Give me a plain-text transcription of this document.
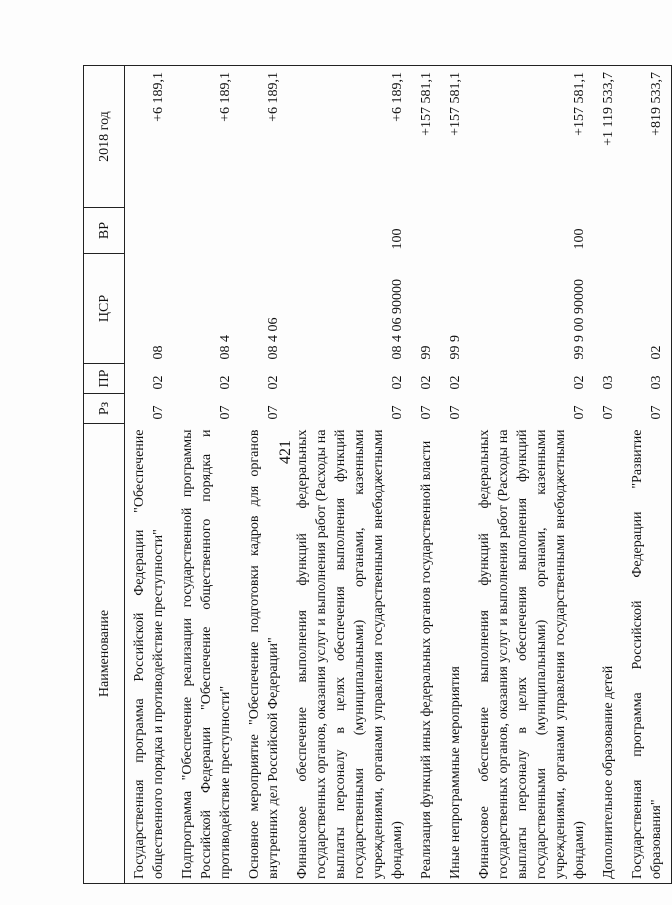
421
Наименование	Рз	ПР	ЦСР	ВР	2018 год
Государственная программа Российской Федерации "Обеспечение общественного порядка и противодействие преступности"	07	02	08		+6 189,1
Подпрограмма "Обеспечение реализации государственной программы Российской Федерации "Обеспечение общественного порядка и противодействие преступности"	07	02	08 4		+6 189,1
Основное мероприятие "Обеспечение подготовки кадров для органов внутренних дел Российской Федерации"	07	02	08 4 06		+6 189,1
Финансовое обеспечение выполнения функций федеральных государственных органов, оказания услуг и выполнения работ (Расходы на выплаты персоналу в целях обеспечения выполнения функций государственными (муниципальными) органами, казенными учреждениями, органами управления государственными внебюджетными фондами)	07	02	08 4 06 90000	100	+6 189,1
Реализация функций иных федеральных органов государственной власти	07	02	99		+157 581,1
Иные непрограммные мероприятия	07	02	99 9		+157 581,1
Финансовое обеспечение выполнения функций федеральных государственных органов, оказания услуг и выполнения работ (Расходы на выплаты персоналу в целях обеспечения выполнения функций государственными (муниципальными) органами, казенными учреждениями, органами управления государственными внебюджетными фондами)	07	02	99 9 00 90000	100	+157 581,1
Дополнительное образование детей	07	03			+1 119 533,7
Государственная программа Российской Федерации "Развитие образования"	07	03	02		+819 533,7
